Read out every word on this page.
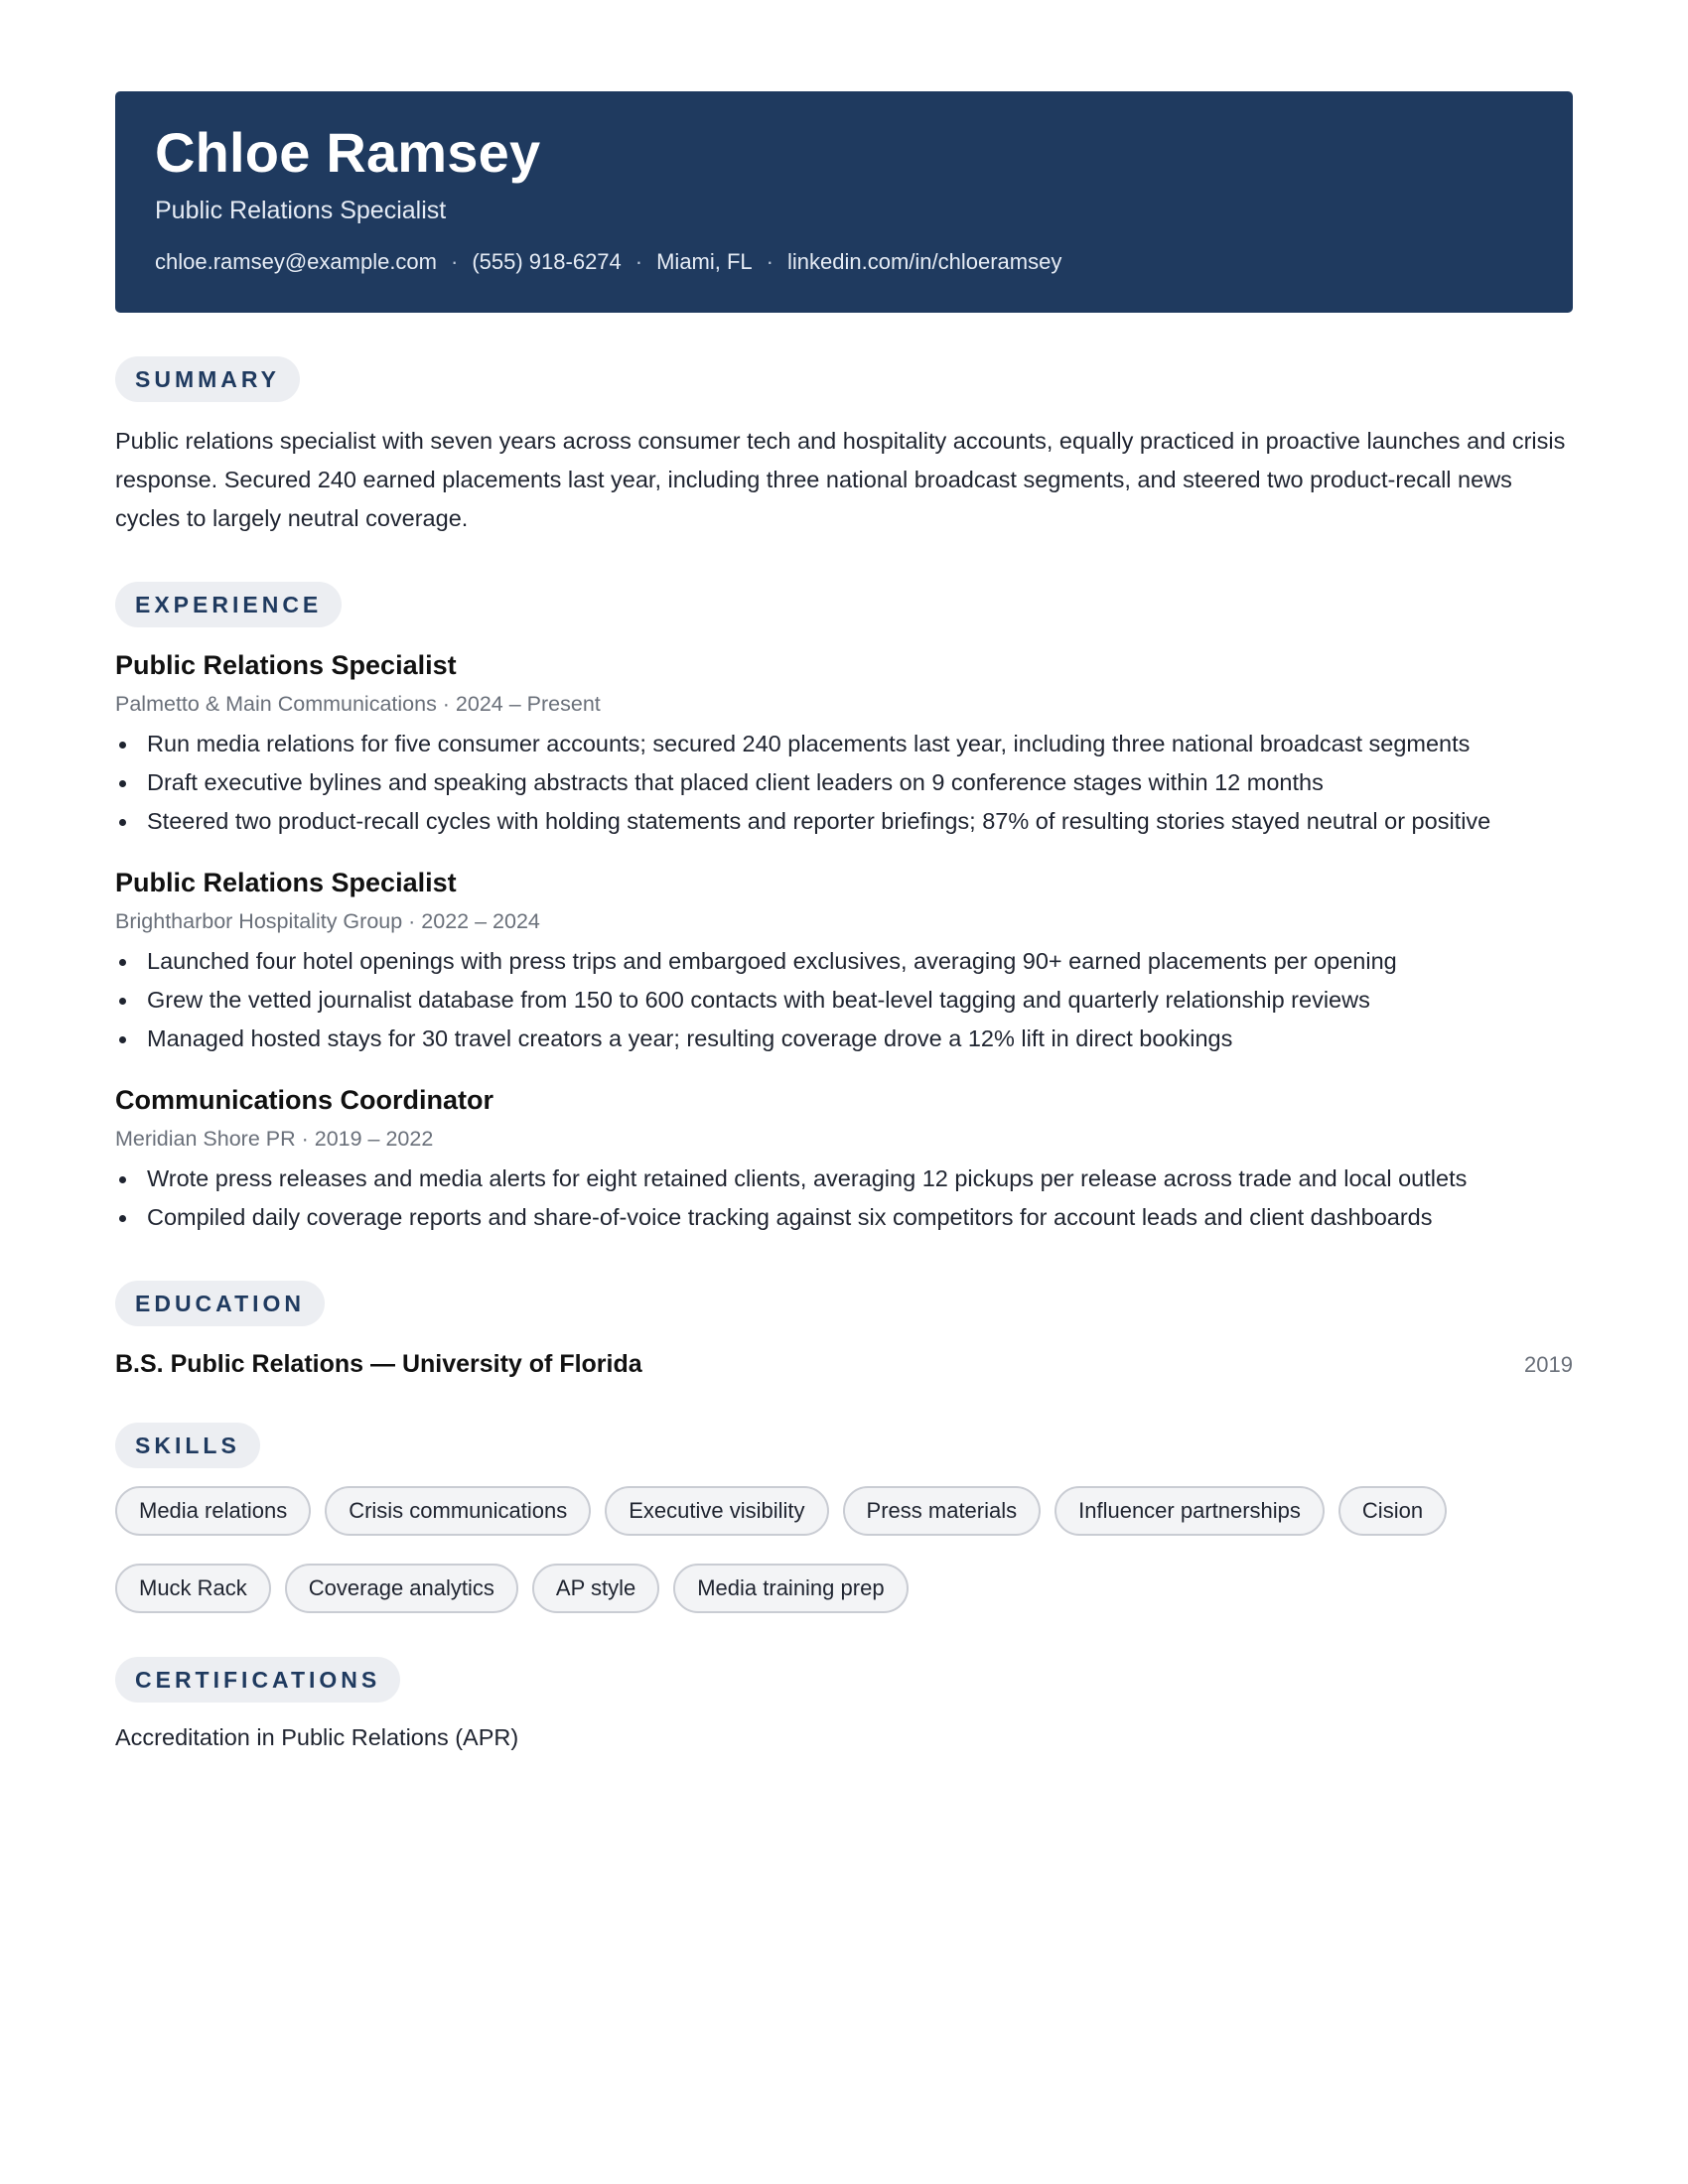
Chloe Ramsey
Public Relations Specialist
chloe.ramsey@example.com · (555) 918-6274 · Miami, FL · linkedin.com/in/chloeramsey
SUMMARY
Public relations specialist with seven years across consumer tech and hospitality accounts, equally practiced in proactive launches and crisis response. Secured 240 earned placements last year, including three national broadcast segments, and steered two product-recall news cycles to largely neutral coverage.
EXPERIENCE
Public Relations Specialist
Palmetto & Main Communications · 2024 – Present
Run media relations for five consumer accounts; secured 240 placements last year, including three national broadcast segments
Draft executive bylines and speaking abstracts that placed client leaders on 9 conference stages within 12 months
Steered two product-recall cycles with holding statements and reporter briefings; 87% of resulting stories stayed neutral or positive
Public Relations Specialist
Brightharbor Hospitality Group · 2022 – 2024
Launched four hotel openings with press trips and embargoed exclusives, averaging 90+ earned placements per opening
Grew the vetted journalist database from 150 to 600 contacts with beat-level tagging and quarterly relationship reviews
Managed hosted stays for 30 travel creators a year; resulting coverage drove a 12% lift in direct bookings
Communications Coordinator
Meridian Shore PR · 2019 – 2022
Wrote press releases and media alerts for eight retained clients, averaging 12 pickups per release across trade and local outlets
Compiled daily coverage reports and share-of-voice tracking against six competitors for account leads and client dashboards
EDUCATION
B.S. Public Relations — University of Florida	2019
SKILLS
Media relations	Crisis communications	Executive visibility	Press materials	Influencer partnerships	Cision
Muck Rack	Coverage analytics	AP style	Media training prep
CERTIFICATIONS
Accreditation in Public Relations (APR)
